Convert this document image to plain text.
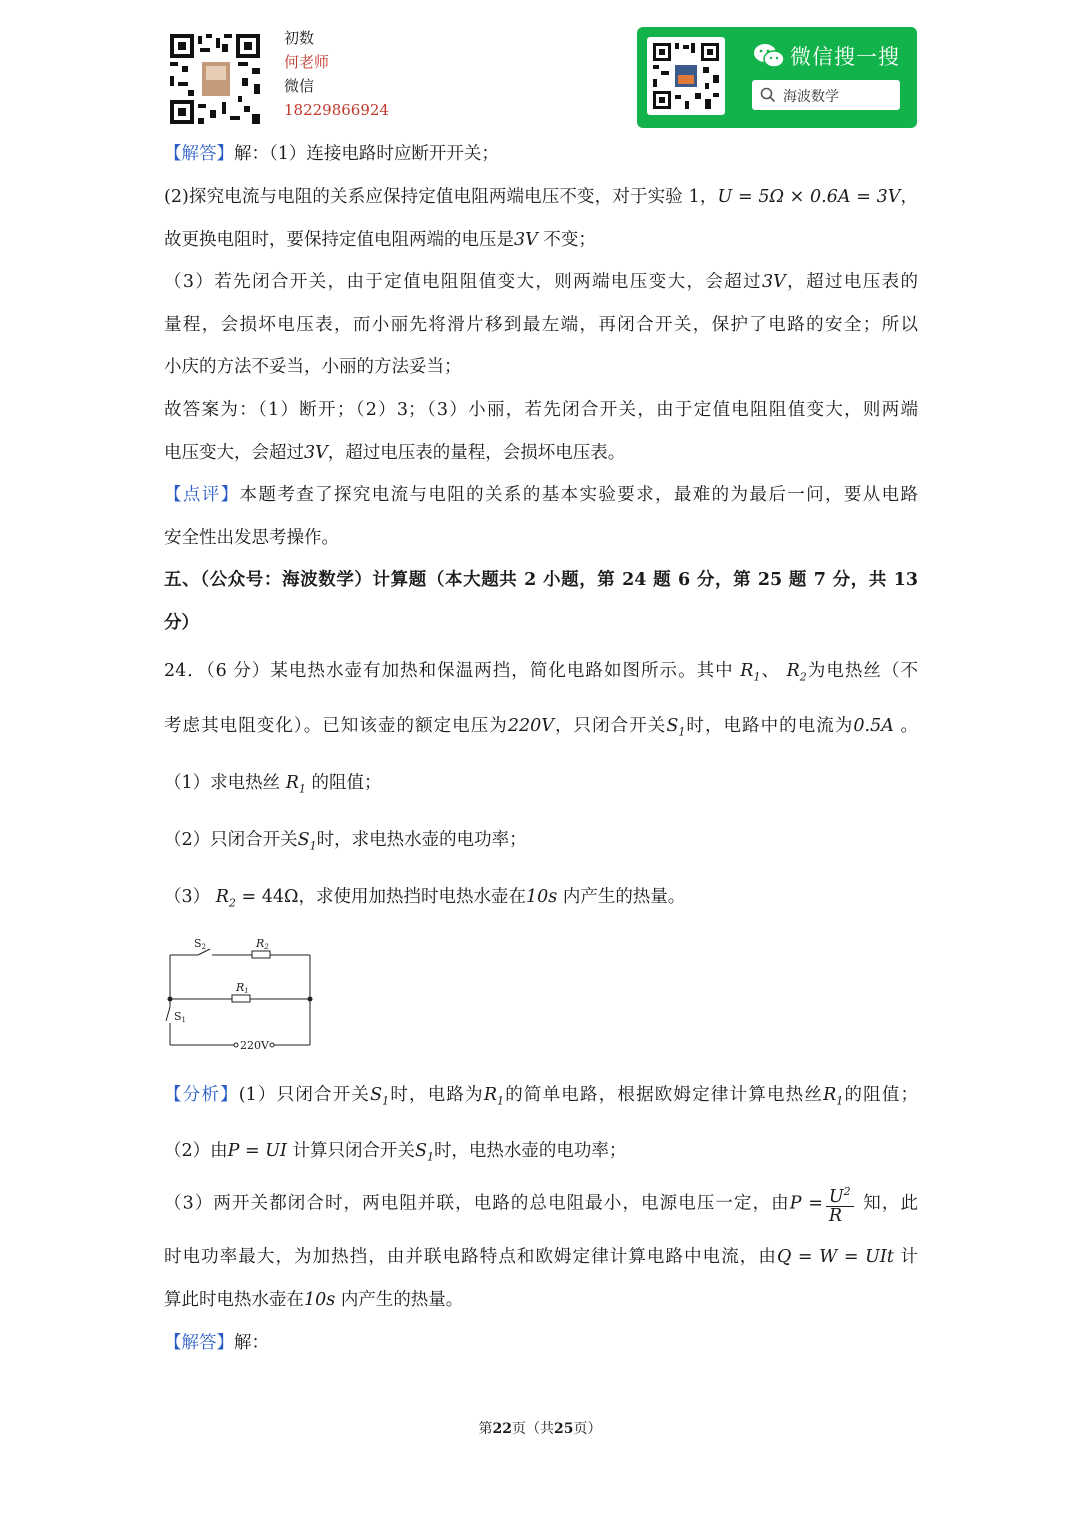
初数
何老师
微信
18229866924
微信搜一搜
海波数学
【解答】解：（1）连接电路时应断开开关；
(2)探究电流与电阻的关系应保持定值电阻两端电压不变，对于实验 1，U = 5Ω × 0.6A = 3V，
故更换电阻时，要保持定值电阻两端的电压是3V 不变；
（3）若先闭合开关，由于定值电阻阻值变大，则两端电压变大，会超过3V，超过电压表的
量程，会损坏电压表，而小丽先将滑片移到最左端，再闭合开关，保护了电路的安全；所以
小庆的方法不妥当，小丽的方法妥当；
故答案为：（1）断开；（2）3；（3）小丽，若先闭合开关，由于定值电阻阻值变大，则两端
电压变大，会超过3V，超过电压表的量程，会损坏电压表。
【点评】本题考查了探究电流与电阻的关系的基本实验要求，最难的为最后一问，要从电路
安全性出发思考操作。
五、（公众号：海波数学）计算题（本大题共 2 小题，第 24 题 6 分，第 25 题 7 分，共 13
分）
24．（6 分）某电热水壶有加热和保温两挡，简化电路如图所示。其中 $R_1$、 $R_2$为电热丝（不
考虑其电阻变化）。已知该壶的额定电压为220V，只闭合开关$S_1$时，电路中的电流为0.5A 。
（1）求电热丝 $R_1$ 的阻值；
（2）只闭合开关$S_1$时，求电热水壶的电功率；
（3） $R_2 = 44\Omega$，求使用加热挡时电热水壶在10s 内产生的热量。
【分析】(1）只闭合开关$S_1$时，电路为$R_1$的简单电路，根据欧姆定律计算电热丝$R_1$的阻值；
（2）由P = UI 计算只闭合开关$S_1$时，电热水壶的电功率；
（3）两开关都闭合时，两电阻并联，电路的总电阻最小，电源电压一定，由$P = \frac{U^2}{R}$ 知，此
时电功率最大，为加热挡，由并联电路特点和欧姆定律计算电路中电流，由Q = W = UIt 计
算此时电热水壶在10s 内产生的热量。
【解答】解：
S2	R2
R1
S1
220V
第22页（共25页）
